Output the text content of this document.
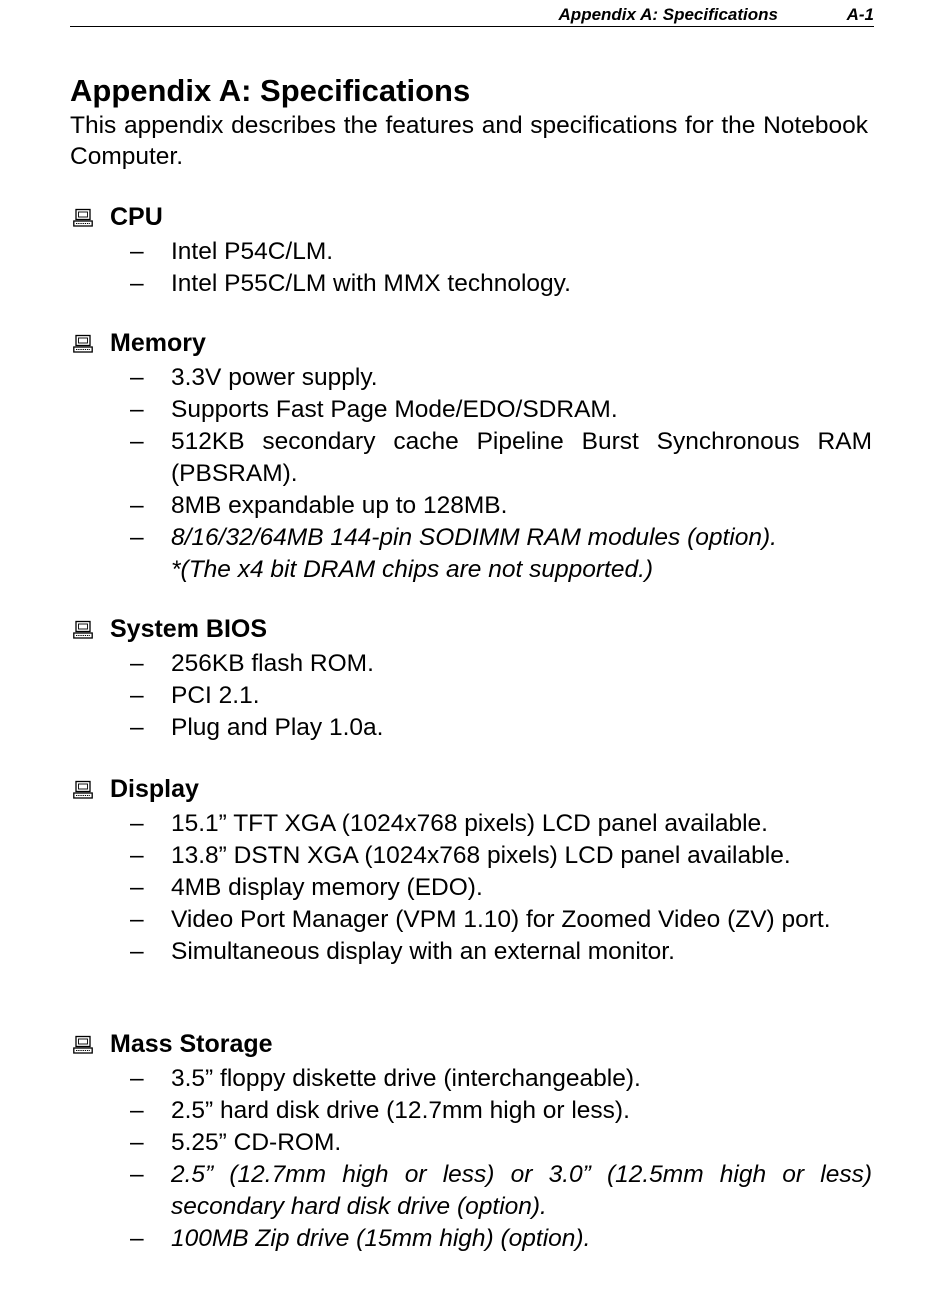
Appendix A: Specifications	A-1
Appendix A: Specifications

This appendix describes the features and specifications for the Notebook Computer.

CPU
– Intel P54C/LM.
– Intel P55C/LM with MMX technology.
Memory
– 3.3V power supply.
– Supports Fast Page Mode/EDO/SDRAM.
– 512KB secondary cache Pipeline Burst Synchronous RAM (PBSRAM).
– 8MB expandable up to 128MB.
– 8/16/32/64MB 144-pin SODIMM RAM modules (option).
*(The x4 bit DRAM chips are not supported.)
System BIOS
– 256KB flash ROM.
– PCI 2.1.
– Plug and Play 1.0a.
Display
– 15.1” TFT XGA (1024x768 pixels) LCD panel available.
– 13.8” DSTN XGA (1024x768 pixels) LCD panel available.
– 4MB display memory (EDO).
– Video Port Manager (VPM 1.10) for Zoomed Video (ZV) port.
– Simultaneous display with an external monitor.
Mass Storage
– 3.5” floppy diskette drive (interchangeable).
– 2.5” hard disk drive (12.7mm high or less).
– 5.25” CD-ROM.
– 2.5” (12.7mm high or less) or 3.0” (12.5mm high or less) secondary hard disk drive (option).
– 100MB Zip drive (15mm high) (option).
